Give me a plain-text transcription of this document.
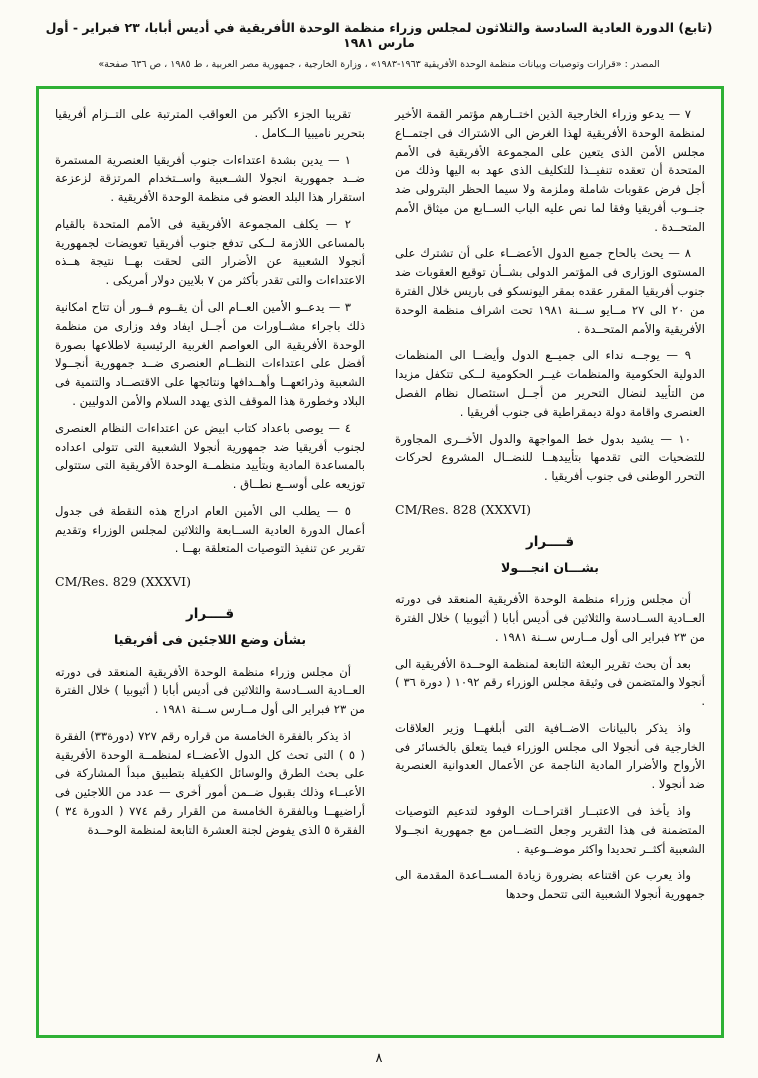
(تابع) الدورة العادية السادسة والثلاثون لمجلس وزراء منظمة الوحدة الأفريقية في أديس أبابا، ٢٣ فبراير - أول مارس ١٩٨١
المصدر : «قرارات وتوصيات وبيانات منظمة الوحدة الأفريقية ١٩٦٣-١٩٨٣» ، وزارة الخارجية ، جمهورية مصر العربية ، ط ١٩٨٥ ، ص ٦٣٦ صفحة»

٧ — يدعو وزراء الخارجية الذين اختــارهم مؤتمر القمة الأخير لمنظمة الوحدة الأفريقية لهذا الغرض الى الاشتراك فى اجتمــاع مجلس الأمن الذى يتعين على المجموعة الأفريقية فى الأمم المتحدة أن تعقده تنفيــذا للتكليف الذى عهد به اليها وذلك من أجل فرض عقوبات شاملة وملزمة ولا سيما الحظر البترولى ضد جنــوب أفريقيا وفقا لما نص عليه الباب الســابع من ميثاق الأمم المتحــدة .

٨ — يحث بالحاح جميع الدول الأعضــاء على أن تشترك على المستوى الوزارى فى المؤتمر الدولى بشــأن توقيع العقوبات ضد جنوب أفريقيا المقرر عقده بمقر اليونسكو فى باريس خلال الفترة من ٢٠ الى ٢٧ مــايو ســنة ١٩٨١ تحت اشراف منظمة الوحدة الأفريقية والأمم المتحــدة .

٩ — يوجــه نداء الى جميــع الدول وأيضــا الى المنظمات الدولية الحكومية والمنظمات غيــر الحكومية لــكى تتكفل مزيدا من التأييد لنضال التحرير من أجــل استئصال نظام الفصل العنصرى واقامة دولة ديمقراطية فى جنوب أفريقيا .

١٠ — يشيد بدول خط المواجهة والدول الأخــرى المجاورة للتضحيات التى تقدمها بتأييدهــا للنضــال المشروع لحركات التحرر الوطنى فى جنوب أفريقيا .

CM/Res. 828 (XXXVI)
قــــرار
بشـــان انجـــولا

أن مجلس وزراء منظمة الوحدة الأفريقية المنعقد فى دورته العــادية الســادسة والثلاثين فى أديس أبابا ( أثيوبيا ) خلال الفترة من ٢٣ فبراير الى أول مــارس ســنة ١٩٨١ .

بعد أن بحث تقرير البعثة التابعة لمنظمة الوحــدة الأفريقية الى أنجولا والمتضمن فى وثيقة مجلس الوزراء رقم ١٠٩٢ ( دورة ٣٦ ) .

واذ يذكر بالبيانات الاضــافية التى أبلغهــا وزير العلاقات الخارجية فى أنجولا الى مجلس الوزراء فيما يتعلق بالخسائر فى الأرواح والأضرار المادية الناجمة عن الأعمال العدوانية العنصرية ضد أنجولا .

واذ يأخذ فى الاعتبــار اقتراحــات الوفود لتدعيم التوصيات المتضمنة فى هذا التقرير وجعل التضــامن مع جمهورية انجــولا الشعبية أكثــر تحديدا واكثر موضــوعية .

واذ يعرب عن اقتناعه بضرورة زيادة المســاعدة المقدمة الى جمهورية أنجولا الشعبية التى تتحمل وحدها

تقريبا الجزء الأكبر من العواقب المترتبة على التــزام أفريقيا بتحرير ناميبيا الــكامل .

١ — يدين بشدة اعتداءات جنوب أفريقيا العنصرية المستمرة ضــد جمهورية انجولا الشــعبية واســتخدام المرتزقة لزعزعة استقرار هذا البلد العضو فى منظمة الوحدة الأفريقية .

٢ — يكلف المجموعة الأفريقية فى الأمم المتحدة بالقيام بالمساعى اللازمة لــكى تدفع جنوب أفريقيا تعويضات لجمهورية أنجولا الشعبية عن الأضرار التى لحقت بهــا نتيجة هــذه الاعتداءات والتى تقدر بأكثر من ٧ بلايين دولار أمريكى .

٣ — يدعــو الأمين العــام الى أن يقــوم فــور أن تتاح امكانية ذلك باجراء مشــاورات من أجــل ايفاد وفد وزارى من منظمة الوحدة الأفريقية الى العواصم الغربية الرئيسية لاطلاعها بصورة أفضل على اعتداءات النظــام العنصرى ضــد جمهورية أنجــولا الشعبية وذرائعهــا وأهــدافها ونتائجها على الاقتصــاد والتنمية فى البلاد وخطورة هذا الموقف الذى يهدد السلام والأمن الدوليين .

٤ — يوصى باعداد كتاب ابيض عن اعتداءات النظام العنصرى لجنوب أفريقيا ضد جمهورية أنجولا الشعبية التى تتولى اعداده بالمساعدة المادية وبتأييد منظمــة الوحدة الأفريقية التى ستتولى توزيعه على أوســع نطــاق .

٥ — يطلب الى الأمين العام ادراج هذه النقطة فى جدول أعمال الدورة العادية الســابعة والثلاثين لمجلس الوزراء وتقديم تقرير عن تنفيذ التوصيات المتعلقة بهــا .

CM/Res. 829 (XXXVI)
قــــرار
بشأن وضع اللاجئين فى أفريقيا

أن مجلس وزراء منظمة الوحدة الأفريقية المنعقد فى دورته العــادية الســادسة والثلاثين فى أديس أبابا ( أثيوبيا ) خلال الفترة من ٢٣ فبراير الى أول مــارس ســنة ١٩٨١ .

اذ يذكر بالفقرة الخامسة من قراره رقم ٧٢٧ (دورة٣٣) الفقرة ( ٥ ) التى تحث كل الدول الأعضــاء لمنظمــة الوحدة الأفريقية على بحث الطرق والوسائل الكفيلة بتطبيق مبدأ المشاركة فى الأعبــاء وذلك بقبول ضــمن أمور أخرى — عدد من اللاجئين فى أراضيهــا وبالفقرة الخامسة من القرار رقم ٧٧٤ ( الدورة ٣٤ ) الفقرة ٥ الذى يفوض لجنة العشرة التابعة لمنظمة الوحــدة

٨
